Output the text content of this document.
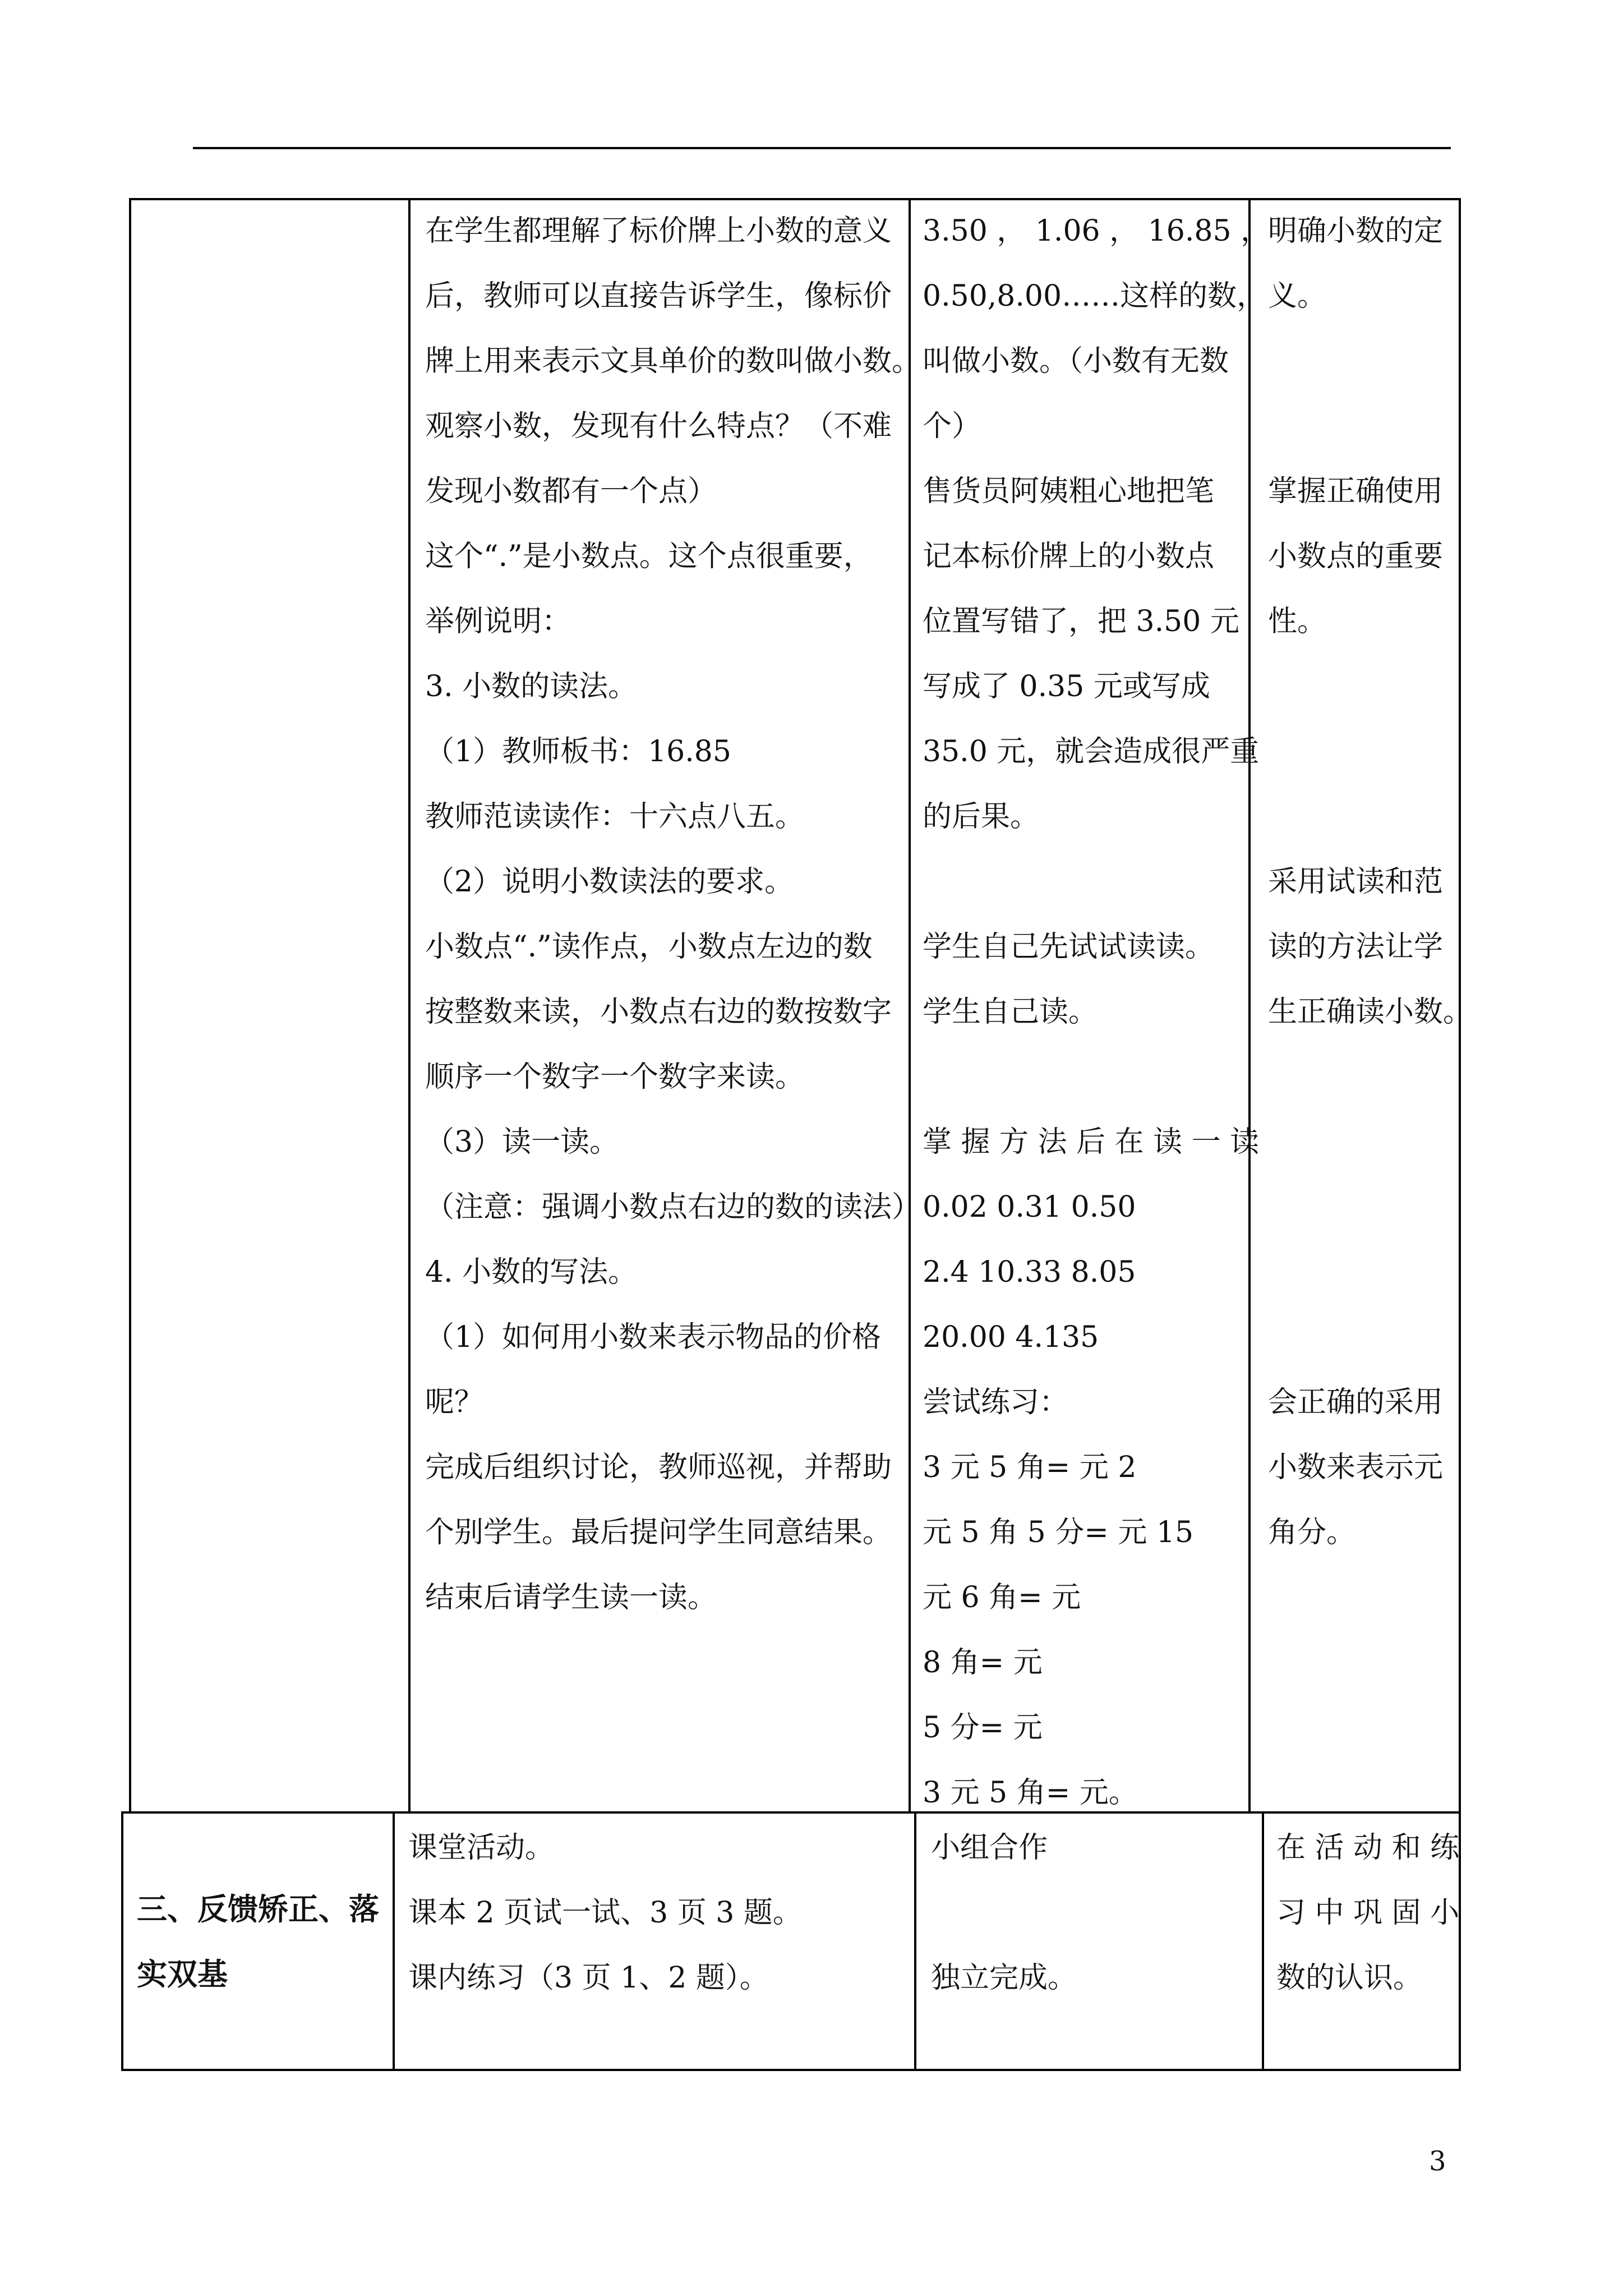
在学生都理解了标价牌上小数的意义

后，教师可以直接告诉学生，像标价

牌上用来表示文具单价的数叫做小数。

观察小数，发现有什么特点？（不难

发现小数都有一个点）

这个“.”是小数点。这个点很重要，

举例说明：

3. 小数的读法。

（1）教师板书：16.85

教师范读读作：十六点八五。

（2）说明小数读法的要求。

小数点“.”读作点，小数点左边的数

按整数来读，小数点右边的数按数字

顺序一个数字一个数字来读。

（3）读一读。

（注意：强调小数点右边的数的读法）

4. 小数的写法。

（1）如何用小数来表示物品的价格

呢？

完成后组织讨论，教师巡视，并帮助

个别学生。最后提问学生同意结果。

结束后请学生读一读。

3.50 ， 1.06 ， 16.85 ，

0.50,8.00……这样的数，

叫做小数。（小数有无数

个）

售货员阿姨粗心地把笔

记本标价牌上的小数点

位置写错了，把 3.50 元

写成了 0.35 元或写成

35.0 元，就会造成很严重

的后果。

学生自己先试试读读。

学生自己读。

掌 握 方 法 后 在 读 一 读

0.02 0.31 0.50

2.4 10.33 8.05

20.00 4.135

尝试练习：

3 元 5 角= 元 2

元 5 角 5 分= 元 15

元 6 角= 元

8 角= 元

5 分= 元

3 元 5 角= 元。

明确小数的定

义。

掌握正确使用

小数点的重要

性。

采用试读和范

读的方法让学

生正确读小数。

会正确的采用

小数来表示元

角分。

三、反馈矫正、落

实双基

课堂活动。

课本 2 页试一试、3 页 3 题。

课内练习（3 页 1、2 题）。

小组合作

独立完成。

在 活 动 和 练

习 中 巩 固 小

数的认识。

3
